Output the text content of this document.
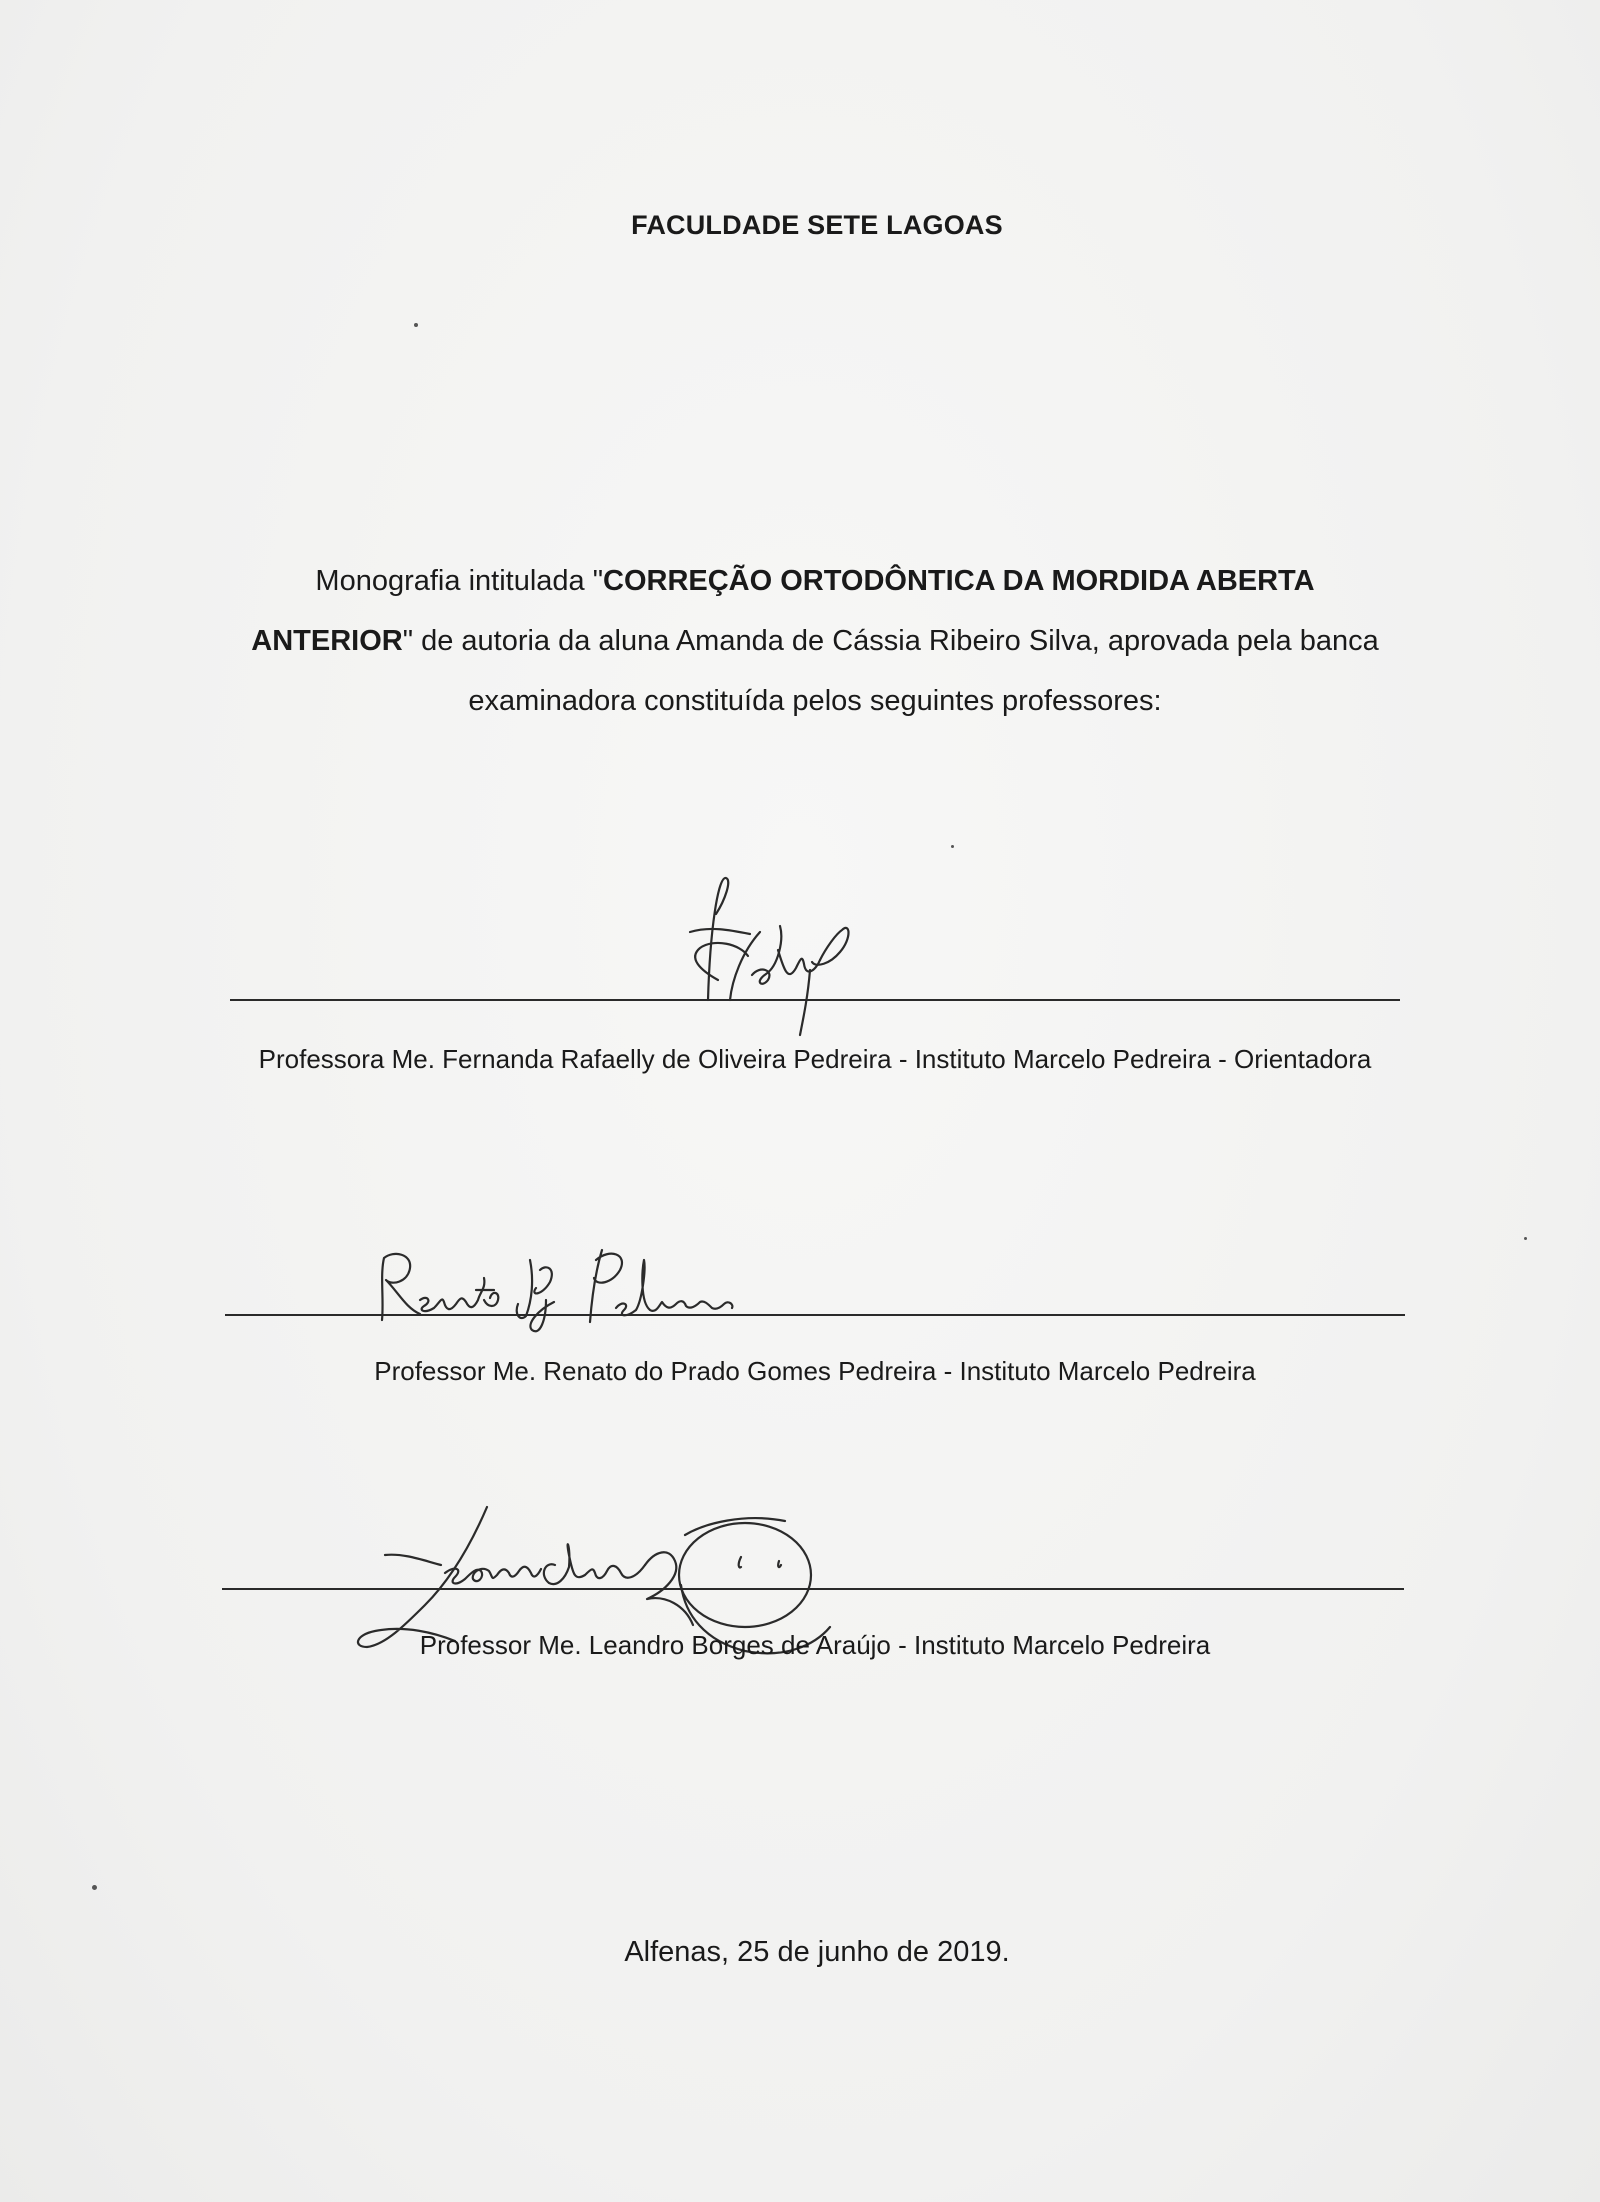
FACULDADE SETE LAGOAS
Monografia intitulada "CORREÇÃO ORTODÔNTICA DA MORDIDA ABERTA ANTERIOR" de autoria da aluna Amanda de Cássia Ribeiro Silva, aprovada pela banca examinadora constituída pelos seguintes professores:
Professora Me. Fernanda Rafaelly de Oliveira Pedreira - Instituto Marcelo Pedreira - Orientadora
Professor Me. Renato do Prado Gomes Pedreira - Instituto Marcelo Pedreira
Professor Me. Leandro Borges de Araújo - Instituto Marcelo Pedreira
Alfenas, 25 de junho de 2019.
